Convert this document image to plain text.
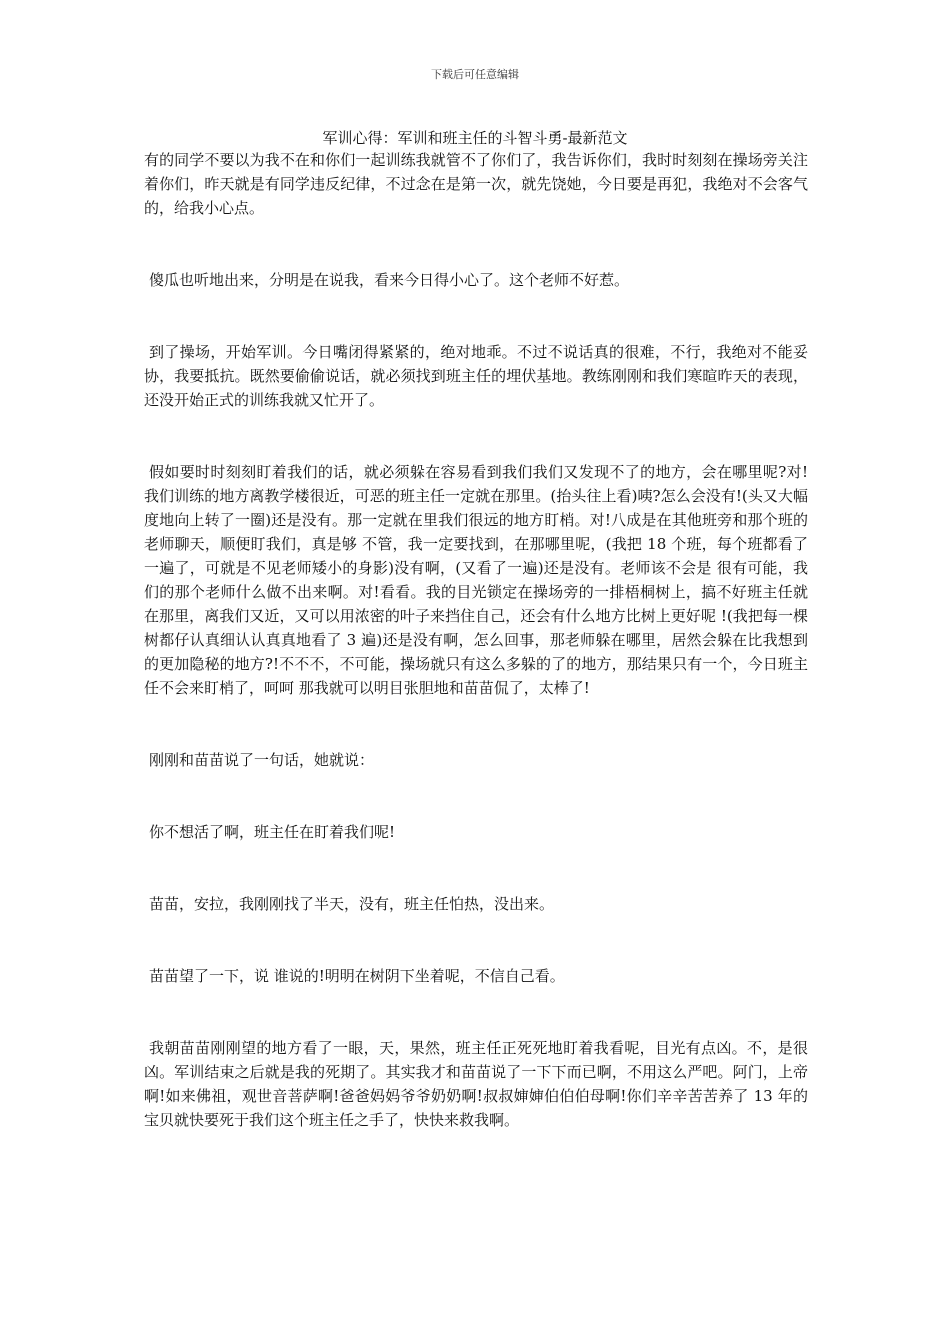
下载后可任意编辑
军训心得：军训和班主任的斗智斗勇-最新范文

有的同学不要以为我不在和你们一起训练我就管不了你们了，我告诉你们，我时时刻刻在操场旁关注着你们，昨天就是有同学违反纪律，不过念在是第一次，就先饶她，今日要是再犯，我绝对不会客气的，给我小心点。

傻瓜也听地出来，分明是在说我，看来今日得小心了。这个老师不好惹。

到了操场，开始军训。今日嘴闭得紧紧的，绝对地乖。不过不说话真的很难，不行，我绝对不能妥协，我要抵抗。既然要偷偷说话，就必须找到班主任的埋伏基地。教练刚刚和我们寒暄昨天的表现，还没开始正式的训练我就又忙开了。

假如要时时刻刻盯着我们的话，就必须躲在容易看到我们我们又发现不了的地方，会在哪里呢?对!我们训练的地方离教学楼很近，可恶的班主任一定就在那里。(抬头往上看)咦?怎么会没有!(头又大幅度地向上转了一圈)还是没有。那一定就在里我们很远的地方盯梢。对!八成是在其他班旁和那个班的老师聊天，顺便盯我们，真是够 不管，我一定要找到，在那哪里呢，(我把 18 个班，每个班都看了一遍了，可就是不见老师矮小的身影)没有啊，(又看了一遍)还是没有。老师该不会是 很有可能，我们的那个老师什么做不出来啊。对!看看。我的目光锁定在操场旁的一排梧桐树上，搞不好班主任就在那里，离我们又近，又可以用浓密的叶子来挡住自己，还会有什么地方比树上更好呢 !(我把每一棵树都仔认真细认认真真地看了 3 遍)还是没有啊，怎么回事，那老师躲在哪里，居然会躲在比我想到的更加隐秘的地方?!不不不，不可能，操场就只有这么多躲的了的地方，那结果只有一个，今日班主任不会来盯梢了，呵呵 那我就可以明目张胆地和苗苗侃了，太棒了!

刚刚和苗苗说了一句话，她就说：

你不想活了啊，班主任在盯着我们呢!

苗苗，安拉，我刚刚找了半天，没有，班主任怕热，没出来。

苗苗望了一下，说 谁说的!明明在树阴下坐着呢，不信自己看。

我朝苗苗刚刚望的地方看了一眼，天，果然，班主任正死死地盯着我看呢，目光有点凶。不，是很凶。军训结束之后就是我的死期了。其实我才和苗苗说了一下下而已啊，不用这么严吧。阿门，上帝啊!如来佛祖，观世音菩萨啊!爸爸妈妈爷爷奶奶啊!叔叔婶婶伯伯伯母啊!你们辛辛苦苦养了 13 年的宝贝就快要死于我们这个班主任之手了，快快来救我啊。
